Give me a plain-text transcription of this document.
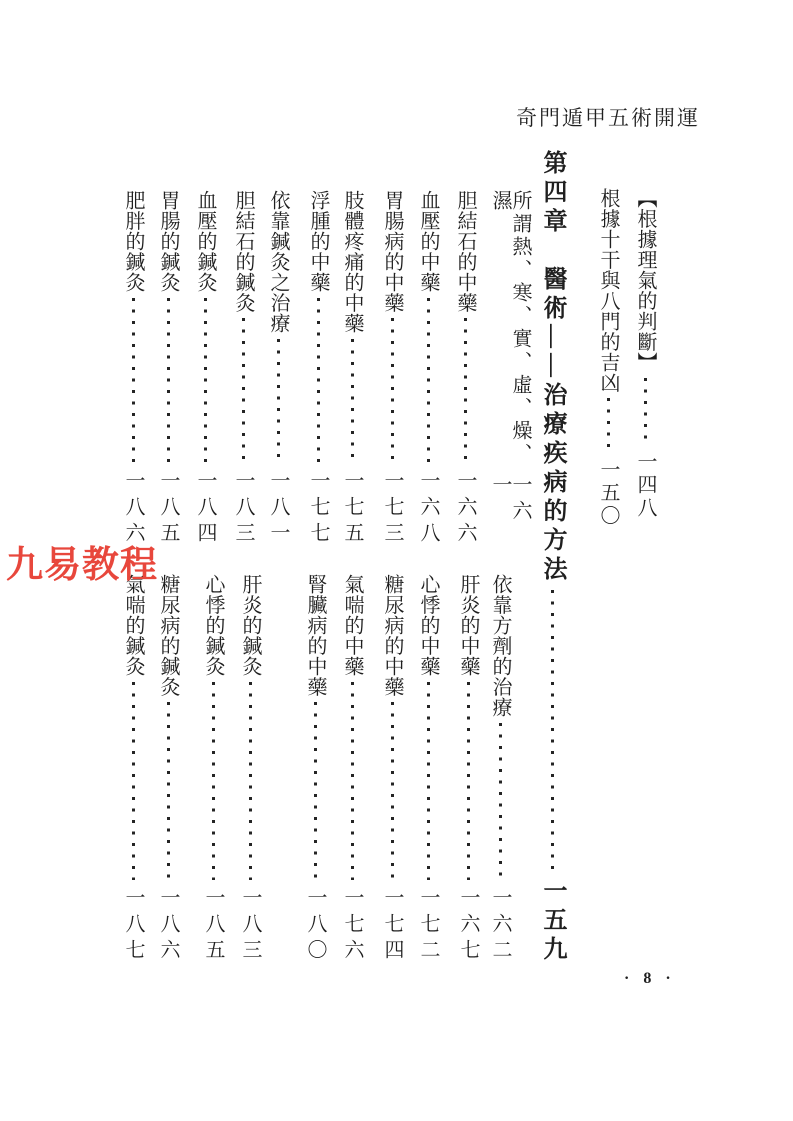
奇門遁甲五術開運
【根據理氣的判斷】
一四八
根據十干與八門的吉凶
一五〇
第四章　醫術——治療疾病的方法
一五九
所謂熱、寒、實、虛、燥、濕
一六一
胆結石的中藥
一六六
血壓的中藥
一六八
胃腸病的中藥
一七三
肢體疼痛的中藥
一七五
浮腫的中藥
一七七
依靠鍼灸之治療
一八一
胆結石的鍼灸
一八三
血壓的鍼灸
一八四
胃腸的鍼灸
一八五
肥胖的鍼灸
一八六
依靠方劑的治療
一六二
肝炎的中藥
一六七
心悸的中藥
一七二
糖尿病的中藥
一七四
氣喘的中藥
一七六
腎臟病的中藥
一八〇
肝炎的鍼灸
一八三
心悸的鍼灸
一八五
糖尿病的鍼灸
一八六
氣喘的鍼灸
一八七
九易教程
· 8 ·
